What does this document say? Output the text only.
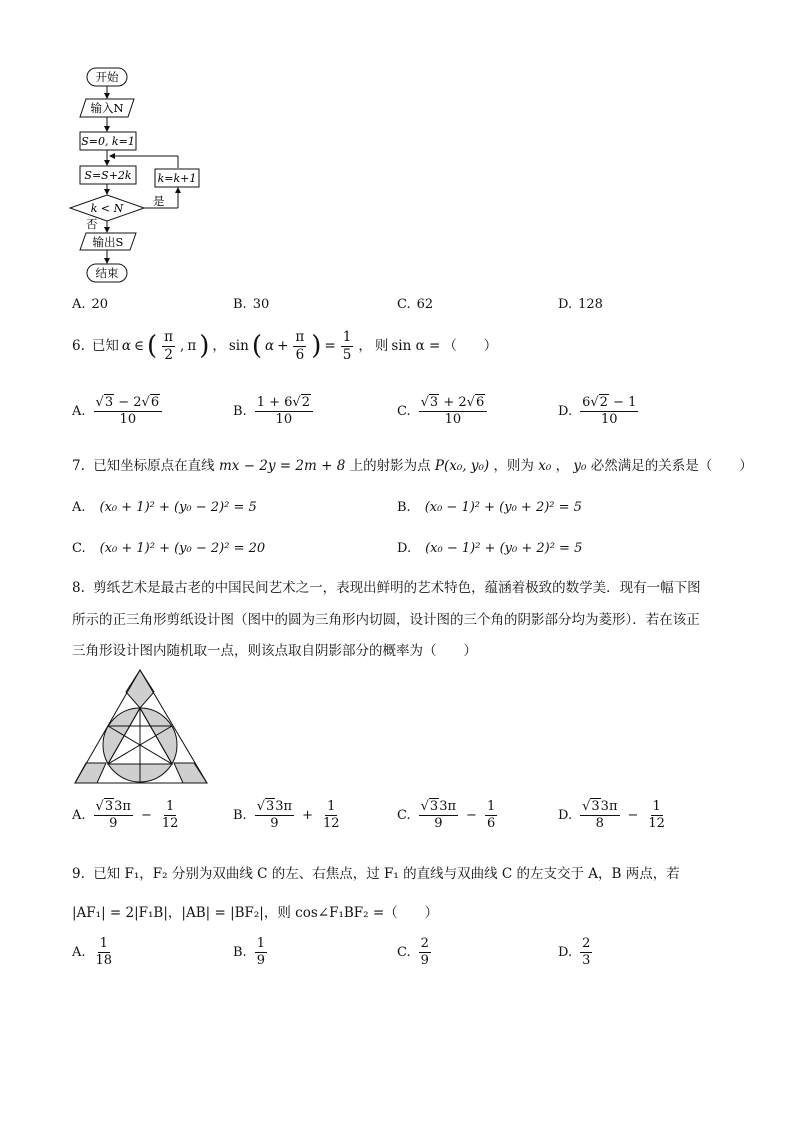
开始
输入N
S=0, k=1
S=S+2k k=k+1
k < N
是
否
输出S
结束
A. 20	B. 30	C. 62	D. 128
6. 已知 α ∈ ( $\frac{\pi}{2}$ , π ) ， sin ( $\alpha + \frac{\pi}{6}$ ) = $\frac{1}{5}$ ， 则 sin α = （　　）
A. $\frac{√3 - 2√6}{10}$	B. $\frac{1 + 6√2}{10}$	C. $\frac{√3 + 2√6}{10}$	D. $\frac{6√2 - 1}{10}$
7. 已知坐标原点在直线 mx − 2y = 2m + 8 上的射影为点 P(x₀, y₀) ，则为 x₀ ， y₀ 必然满足的关系是（　　）
A. (x₀ + 1)² + (y₀ − 2)² = 5	B. (x₀ − 1)² + (y₀ + 2)² = 5
C. (x₀ + 1)² + (y₀ − 2)² = 20	D. (x₀ − 1)² + (y₀ + 2)² = 5
8. 剪纸艺术是最古老的中国民间艺术之一，表现出鲜明的艺术特色，蕴涵着极致的数学美．现有一幅下图
所示的正三角形剪纸设计图（图中的圆为三角形内切圆，设计图的三个角的阴影部分均为菱形）．若在该正
三角形设计图内随机取一点，则该点取自阴影部分的概率为（　　）
A. $\frac{√33\pi}{9} - \frac{1}{12}$	B. $\frac{√33\pi}{9} + \frac{1}{12}$	C. $\frac{√33\pi}{9} - \frac{1}{6}$	D. $\frac{√33\pi}{8} - \frac{1}{12}$
9. 已知 F₁，F₂ 分别为双曲线 C 的左、右焦点，过 F₁ 的直线与双曲线 C 的左支交于 A，B 两点，若
|AF₁| = 2|F₁B|，|AB| = |BF₂|，则 cos∠F₁BF₂ =（　　）
A. $\frac{1}{18}$	B. $\frac{1}{9}$	C. $\frac{2}{9}$	D. $\frac{2}{3}$
